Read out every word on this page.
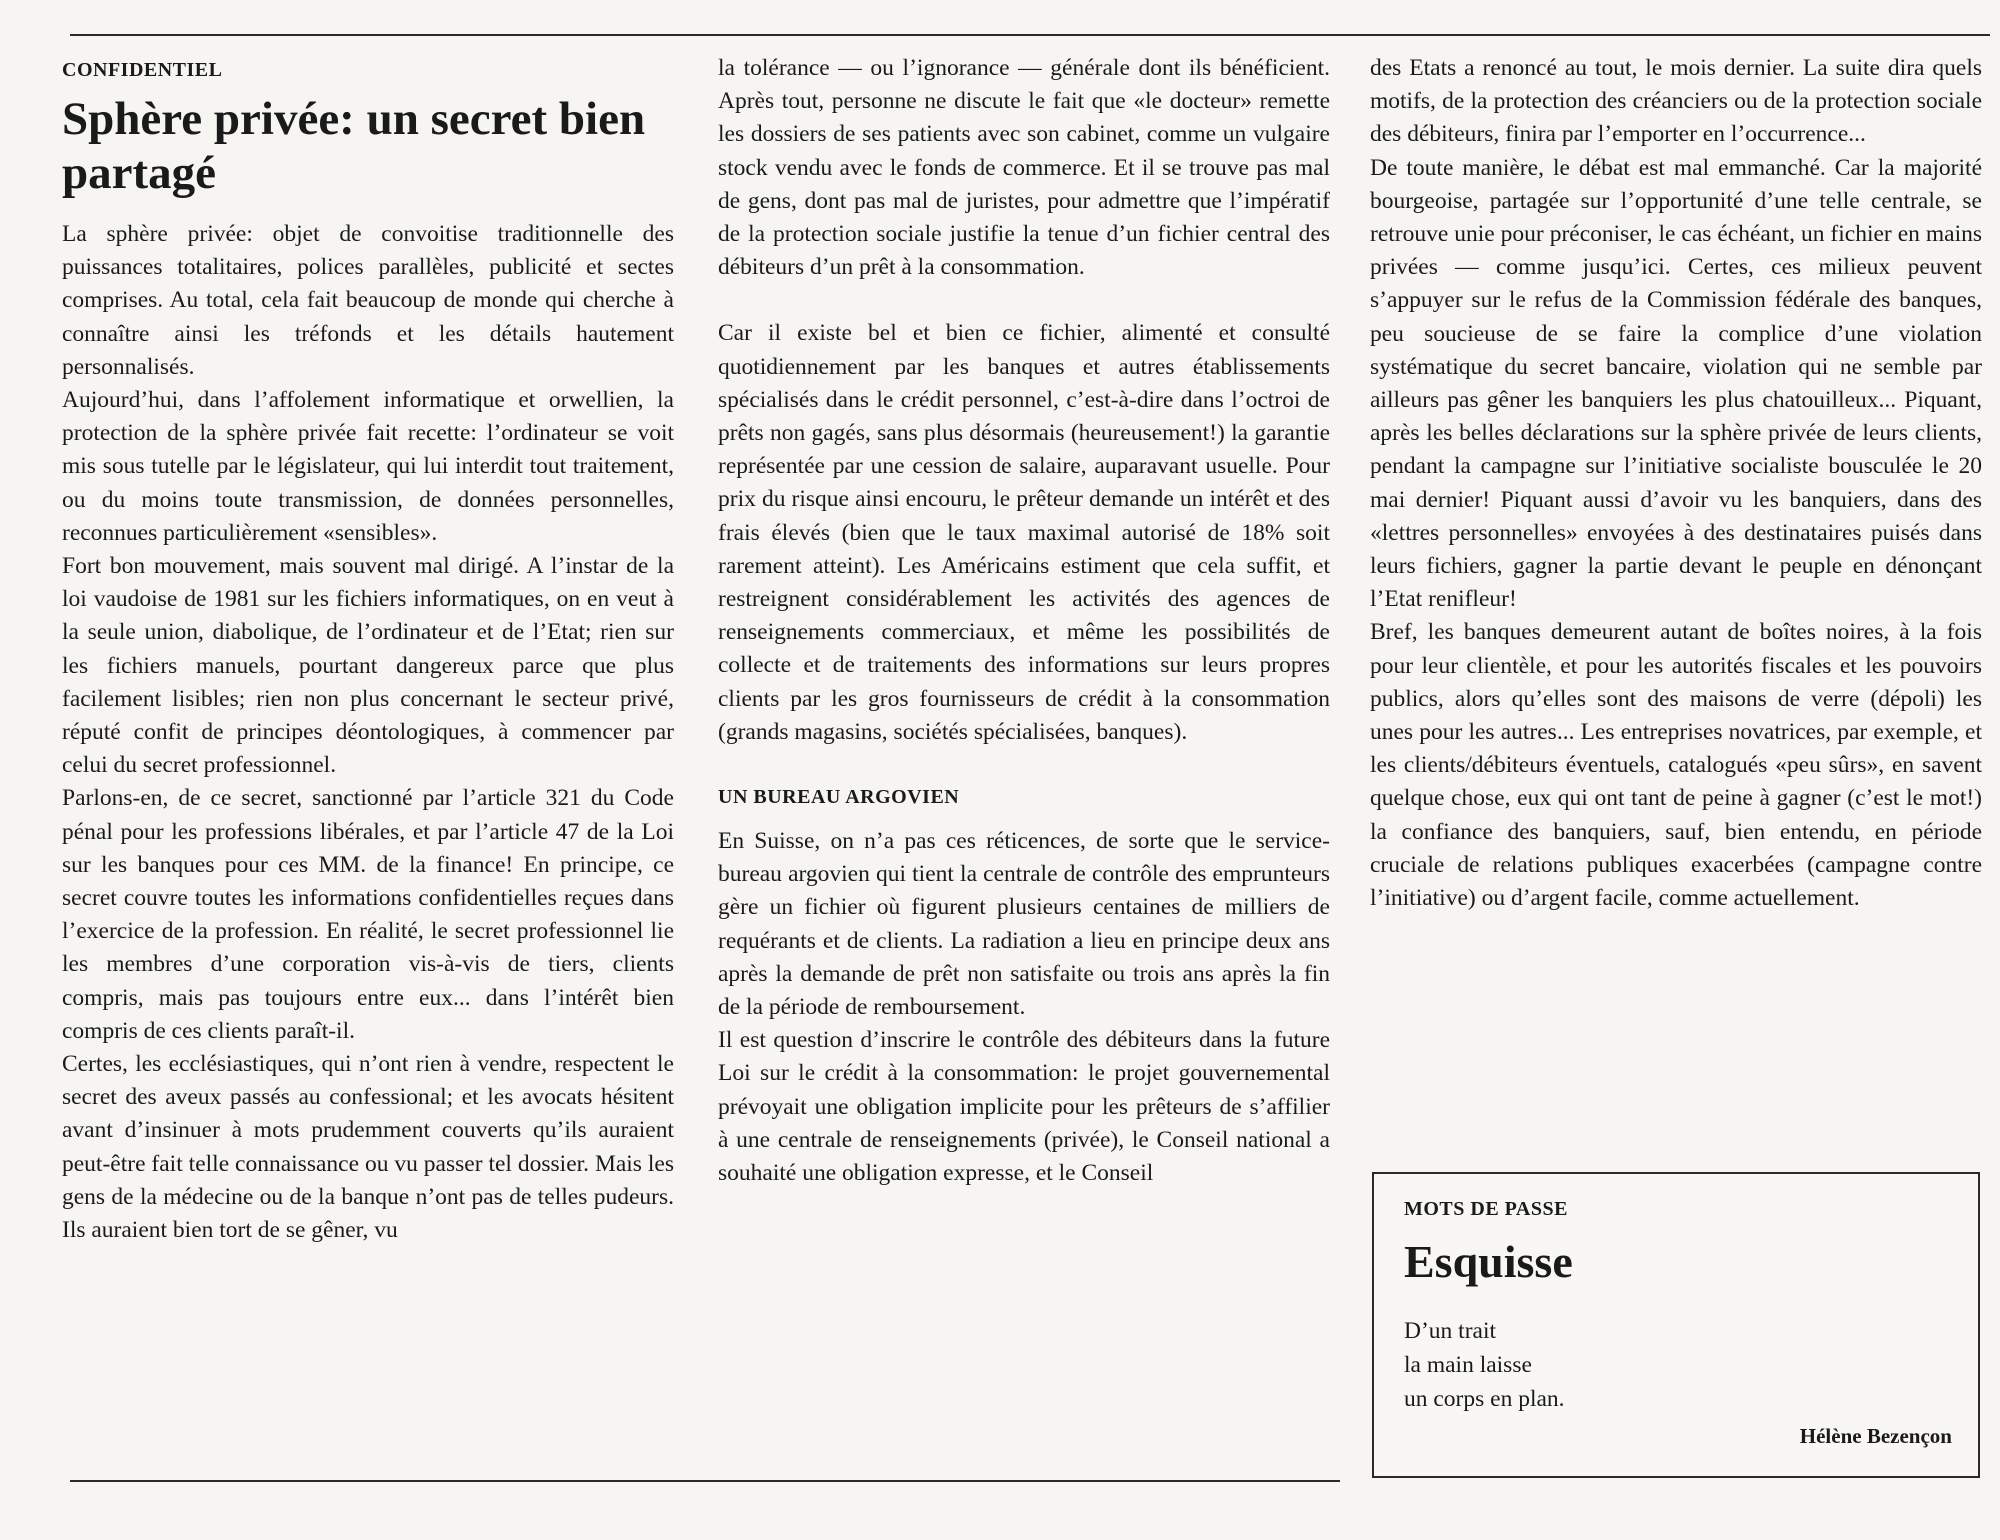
CONFIDENTIEL
Sphère privée: un secret bien partagé

La sphère privée: objet de convoitise traditionnelle des puissances totalitaires, polices parallèles, publicité et sectes comprises. Au total, cela fait beaucoup de monde qui cherche à connaître ainsi les tréfonds et les détails hautement personnalisés.

Aujourd’hui, dans l’affolement informatique et orwellien, la protection de la sphère privée fait recette: l’ordinateur se voit mis sous tutelle par le législateur, qui lui interdit tout traitement, ou du moins toute transmission, de données personnelles, reconnues particulièrement «sensibles».

Fort bon mouvement, mais souvent mal dirigé. A l’instar de la loi vaudoise de 1981 sur les fichiers informatiques, on en veut à la seule union, diabolique, de l’ordinateur et de l’Etat; rien sur les fichiers manuels, pourtant dangereux parce que plus facilement lisibles; rien non plus concernant le secteur privé, réputé confit de principes déontologiques, à commencer par celui du secret professionnel.

Parlons-en, de ce secret, sanctionné par l’article 321 du Code pénal pour les professions libérales, et par l’article 47 de la Loi sur les banques pour ces MM. de la finance! En principe, ce secret couvre toutes les informations confidentielles reçues dans l’exercice de la profession. En réalité, le secret professionnel lie les membres d’une corporation vis-à-vis de tiers, clients compris, mais pas toujours entre eux... dans l’intérêt bien compris de ces clients paraît-il.

Certes, les ecclésiastiques, qui n’ont rien à vendre, respectent le secret des aveux passés au confessional; et les avocats hésitent avant d’insinuer à mots prudemment couverts qu’ils auraient peut-être fait telle connaissance ou vu passer tel dossier. Mais les gens de la médecine ou de la banque n’ont pas de telles pudeurs. Ils auraient bien tort de se gêner, vu

la tolérance — ou l’ignorance — générale dont ils bénéficient. Après tout, personne ne discute le fait que «le docteur» remette les dossiers de ses patients avec son cabinet, comme un vulgaire stock vendu avec le fonds de commerce. Et il se trouve pas mal de gens, dont pas mal de juristes, pour admettre que l’impératif de la protection sociale justifie la tenue d’un fichier central des débiteurs d’un prêt à la consommation.

Car il existe bel et bien ce fichier, alimenté et consulté quotidiennement par les banques et autres établissements spécialisés dans le crédit personnel, c’est-à-dire dans l’octroi de prêts non gagés, sans plus désormais (heureusement!) la garantie représentée par une cession de salaire, auparavant usuelle. Pour prix du risque ainsi encouru, le prêteur demande un intérêt et des frais élevés (bien que le taux maximal autorisé de 18% soit rarement atteint). Les Américains estiment que cela suffit, et restreignent considérablement les activités des agences de renseignements commerciaux, et même les possibilités de collecte et de traitements des informations sur leurs propres clients par les gros fournisseurs de crédit à la consommation (grands magasins, sociétés spécialisées, banques).

UN BUREAU ARGOVIEN

En Suisse, on n’a pas ces réticences, de sorte que le service-bureau argovien qui tient la centrale de contrôle des emprunteurs gère un fichier où figurent plusieurs centaines de milliers de requérants et de clients. La radiation a lieu en principe deux ans après la demande de prêt non satisfaite ou trois ans après la fin de la période de remboursement.

Il est question d’inscrire le contrôle des débiteurs dans la future Loi sur le crédit à la consommation: le projet gouvernemental prévoyait une obligation implicite pour les prêteurs de s’affilier à une centrale de renseignements (privée), le Conseil national a souhaité une obligation expresse, et le Conseil

des Etats a renoncé au tout, le mois dernier. La suite dira quels motifs, de la protection des créanciers ou de la protection sociale des débiteurs, finira par l’emporter en l’occurrence...

De toute manière, le débat est mal emmanché. Car la majorité bourgeoise, partagée sur l’opportunité d’une telle centrale, se retrouve unie pour préconiser, le cas échéant, un fichier en mains privées — comme jusqu’ici. Certes, ces milieux peuvent s’appuyer sur le refus de la Commission fédérale des banques, peu soucieuse de se faire la complice d’une violation systématique du secret bancaire, violation qui ne semble par ailleurs pas gêner les banquiers les plus chatouilleux... Piquant, après les belles déclarations sur la sphère privée de leurs clients, pendant la campagne sur l’initiative socialiste bousculée le 20 mai dernier! Piquant aussi d’avoir vu les banquiers, dans des «lettres personnelles» envoyées à des destinataires puisés dans leurs fichiers, gagner la partie devant le peuple en dénonçant l’Etat renifleur!

Bref, les banques demeurent autant de boîtes noires, à la fois pour leur clientèle, et pour les autorités fiscales et les pouvoirs publics, alors qu’elles sont des maisons de verre (dépoli) les unes pour les autres... Les entreprises novatrices, par exemple, et les clients/débiteurs éventuels, catalogués «peu sûrs», en savent quelque chose, eux qui ont tant de peine à gagner (c’est le mot!) la confiance des banquiers, sauf, bien entendu, en période cruciale de relations publiques exacerbées (campagne contre l’initiative) ou d’argent facile, comme actuellement.

MOTS DE PASSE
Esquisse
D’un trait
la main laisse
un corps en plan.
Hélène Bezençon
